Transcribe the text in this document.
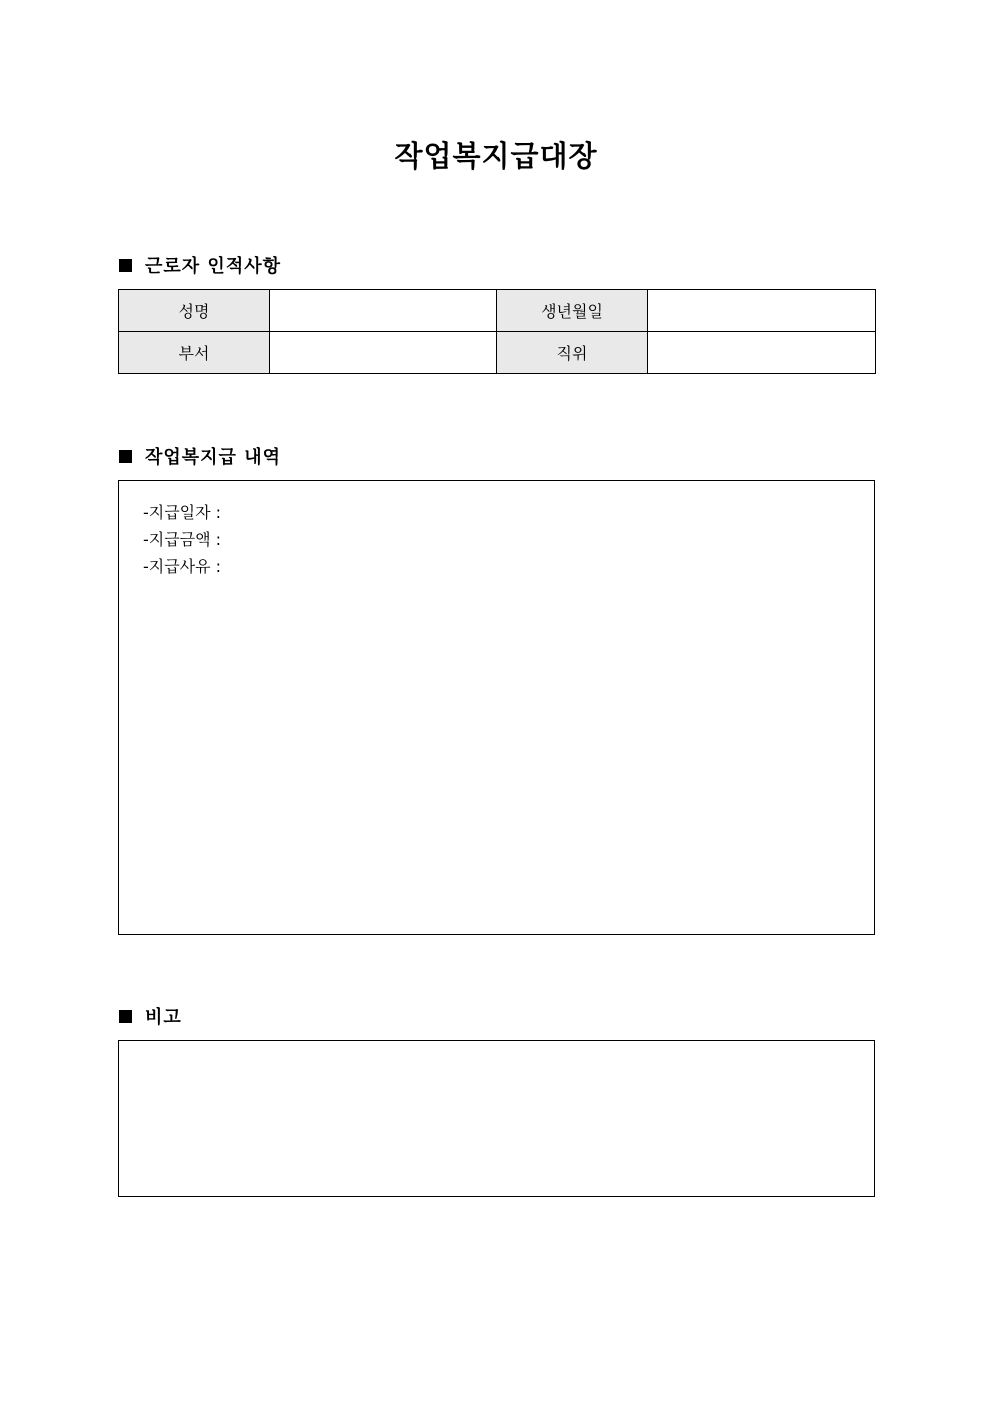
작업복지급대장
근로자 인적사항
성명		생년월일	
부서		직위	
작업복지급 내역
-지급일자 :
-지급금액 :
-지급사유 :
비고
